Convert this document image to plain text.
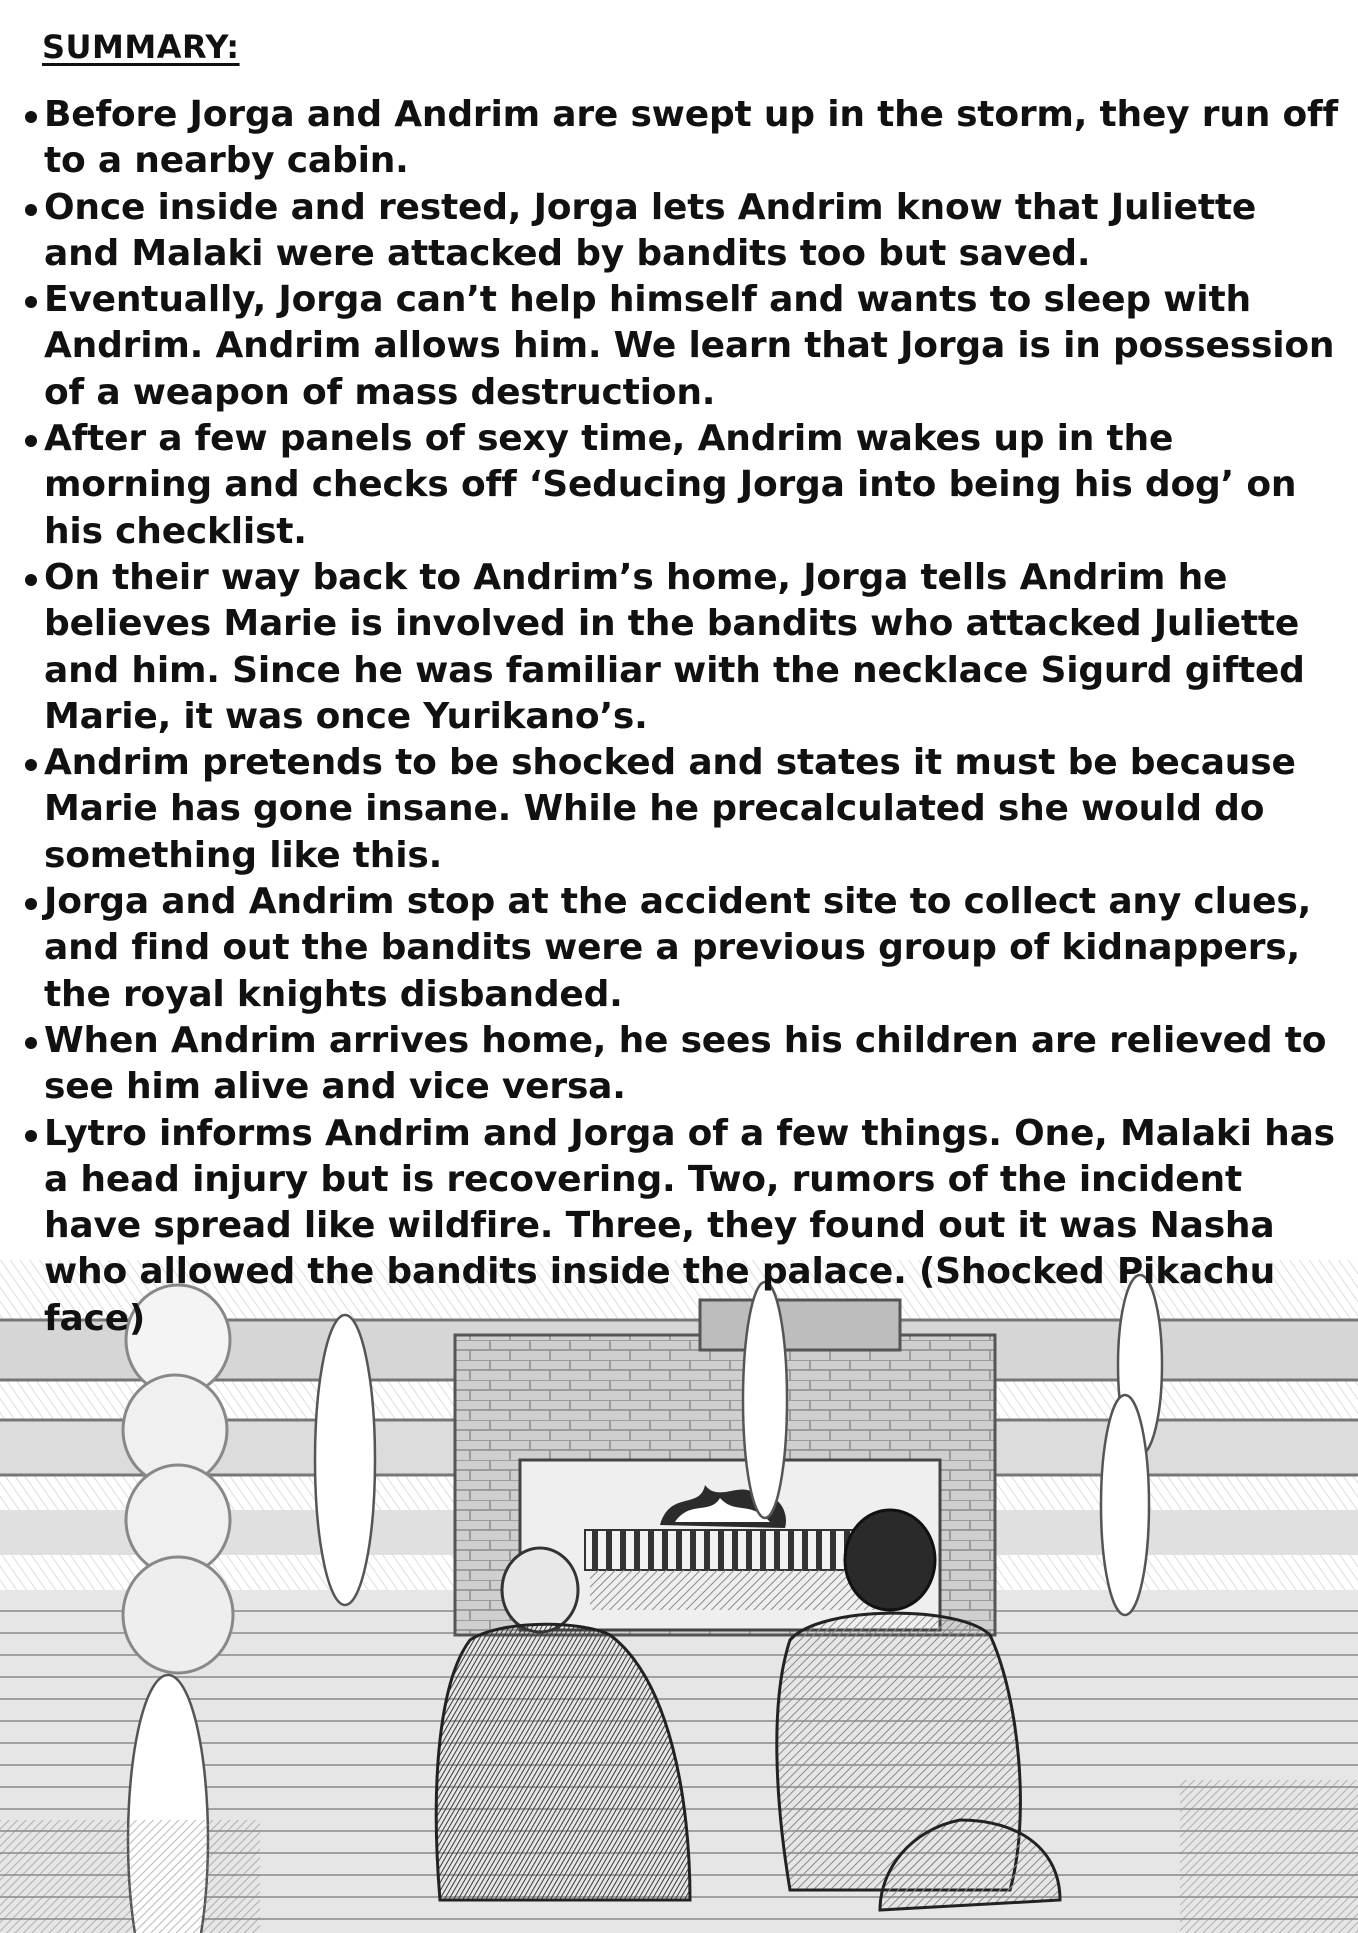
SUMMARY:
Before Jorga and Andrim are swept up in the storm, they run off to a nearby cabin.
Once inside and rested, Jorga lets Andrim know that Juliette and Malaki were attacked by bandits too but saved.
Eventually, Jorga can’t help himself and wants to sleep with Andrim. Andrim allows him. We learn that Jorga is in possession of a weapon of mass destruction.
After a few panels of sexy time, Andrim wakes up in the morning and checks off ‘Seducing Jorga into being his dog’ on his checklist.
On their way back to Andrim’s home, Jorga tells Andrim he believes Marie is involved in the bandits who attacked Juliette and him. Since he was familiar with the necklace Sigurd gifted Marie, it was once Yurikano’s.
Andrim pretends to be shocked and states it must be because Marie has gone insane. While he precalculated she would do something like this.
Jorga and Andrim stop at the accident site to collect any clues, and find out the bandits were a previous group of kidnappers, the royal knights disbanded.
When Andrim arrives home, he sees his children are relieved to see him alive and vice versa.
Lytro informs Andrim and Jorga of a few things. One, Malaki has a head injury but is recovering. Two, rumors of the incident have spread like wildfire. Three, they found out it was Nasha who allowed the bandits inside the palace. (Shocked Pikachu face)
